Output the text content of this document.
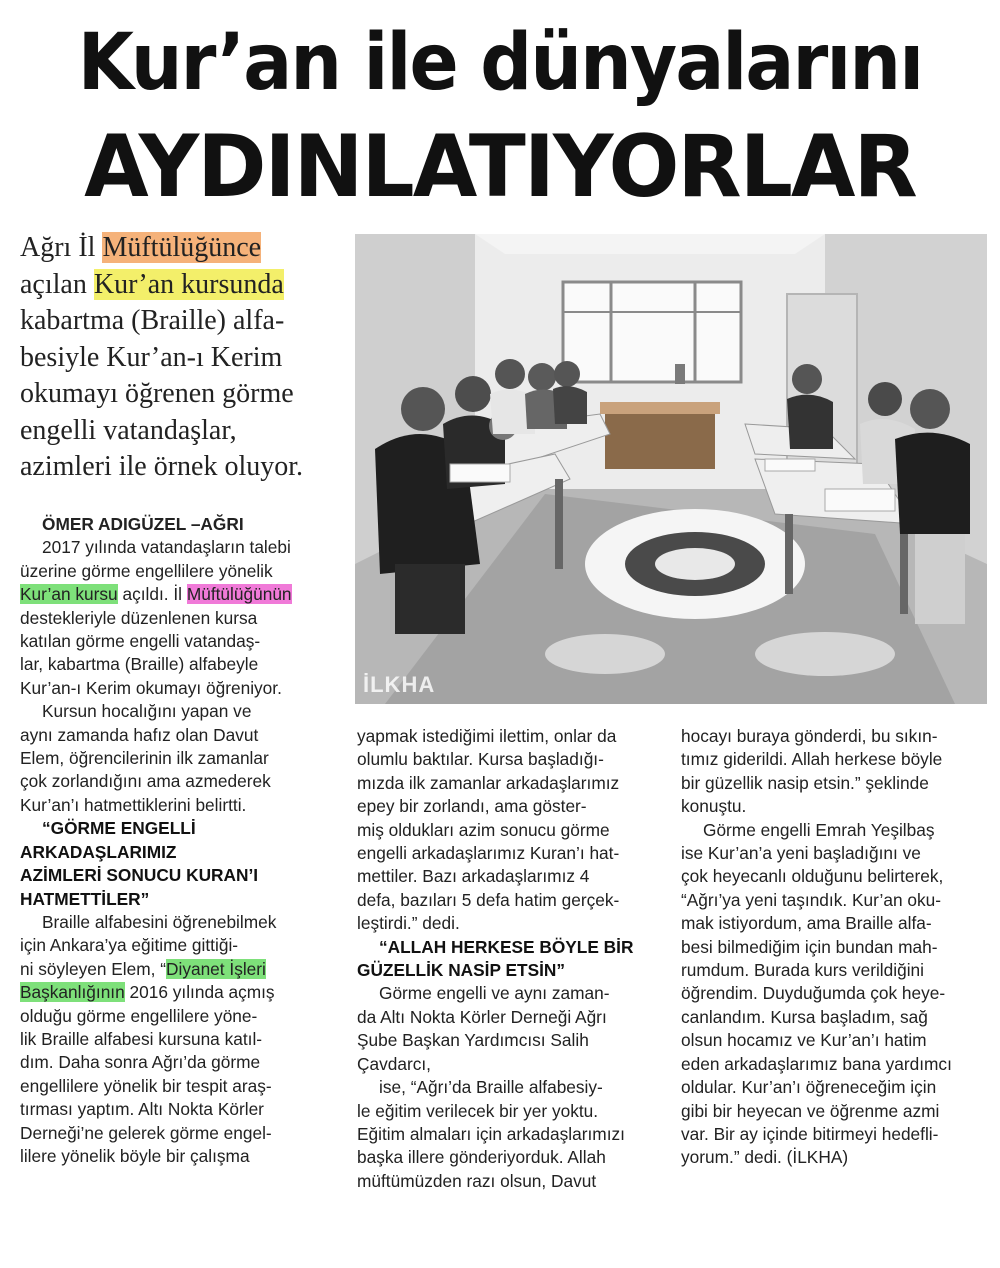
Kur’an ile dünyalarını
AYDINLATIYORLAR
Ağrı İl Müftülüğünce
açılan Kur’an kursunda
kabartma (Braille) alfa-
besiyle Kur’an-ı Kerim
okumayı öğrenen görme
engelli vatandaşlar,
azimleri ile örnek oluyor.
İLKHA
ÖMER ADIGÜZEL –AĞRI
2017 yılında vatandaşların talebi
üzerine görme engellilere yönelik
Kur’an kursu açıldı. İl Müftülüğünün
destekleriyle düzenlenen kursa
katılan görme engelli vatandaş-
lar, kabartma (Braille) alfabeyle
Kur’an-ı Kerim okumayı öğreniyor.
Kursun hocalığını yapan ve
aynı zamanda hafız olan Davut
Elem, öğrencilerinin ilk zamanlar
çok zorlandığını ama azmederek
Kur’an’ı hatmettiklerini belirtti.
“GÖRME ENGELLİ
ARKADAŞLARIMIZ
AZİMLERİ SONUCU KURAN’I
HATMETTİLER”
Braille alfabesini öğrenebilmek
için Ankara’ya eğitime gittiği-
ni söyleyen Elem, “Diyanet İşleri
Başkanlığının 2016 yılında açmış
olduğu görme engellilere yöne-
lik Braille alfabesi kursuna katıl-
dım. Daha sonra Ağrı’da görme
engellilere yönelik bir tespit araş-
tırması yaptım. Altı Nokta Körler
Derneği’ne gelerek görme engel-
lilere yönelik böyle bir çalışma
yapmak istediğimi ilettim, onlar da
olumlu baktılar. Kursa başladığı-
mızda ilk zamanlar arkadaşlarımız
epey bir zorlandı, ama göster-
miş oldukları azim sonucu görme
engelli arkadaşlarımız Kuran’ı hat-
mettiler. Bazı arkadaşlarımız 4
defa, bazıları 5 defa hatim gerçek-
leştirdi.” dedi.
“ALLAH HERKESE BÖYLE BİR
GÜZELLİK NASİP ETSİN”
Görme engelli ve aynı zaman-
da Altı Nokta Körler Derneği Ağrı
Şube Başkan Yardımcısı Salih
Çavdarcı,
ise, “Ağrı’da Braille alfabesiy-
le eğitim verilecek bir yer yoktu.
Eğitim almaları için arkadaşlarımızı
başka illere gönderiyorduk. Allah
müftümüzden razı olsun, Davut
hocayı buraya gönderdi, bu sıkın-
tımız giderildi. Allah herkese böyle
bir güzellik nasip etsin.” şeklinde
konuştu.
Görme engelli Emrah Yeşilbaş
ise Kur’an’a yeni başladığını ve
çok heyecanlı olduğunu belirterek,
“Ağrı’ya yeni taşındık. Kur’an oku-
mak istiyordum, ama Braille alfa-
besi bilmediğim için bundan mah-
rumdum. Burada kurs verildiğini
öğrendim. Duyduğumda çok heye-
canlandım. Kursa başladım, sağ
olsun hocamız ve Kur’an’ı hatim
eden arkadaşlarımız bana yardımcı
oldular. Kur’an’ı öğreneceğim için
gibi bir heyecan ve öğrenme azmi
var. Bir ay içinde bitirmeyi hedefli-
yorum.” dedi. (İLKHA)
